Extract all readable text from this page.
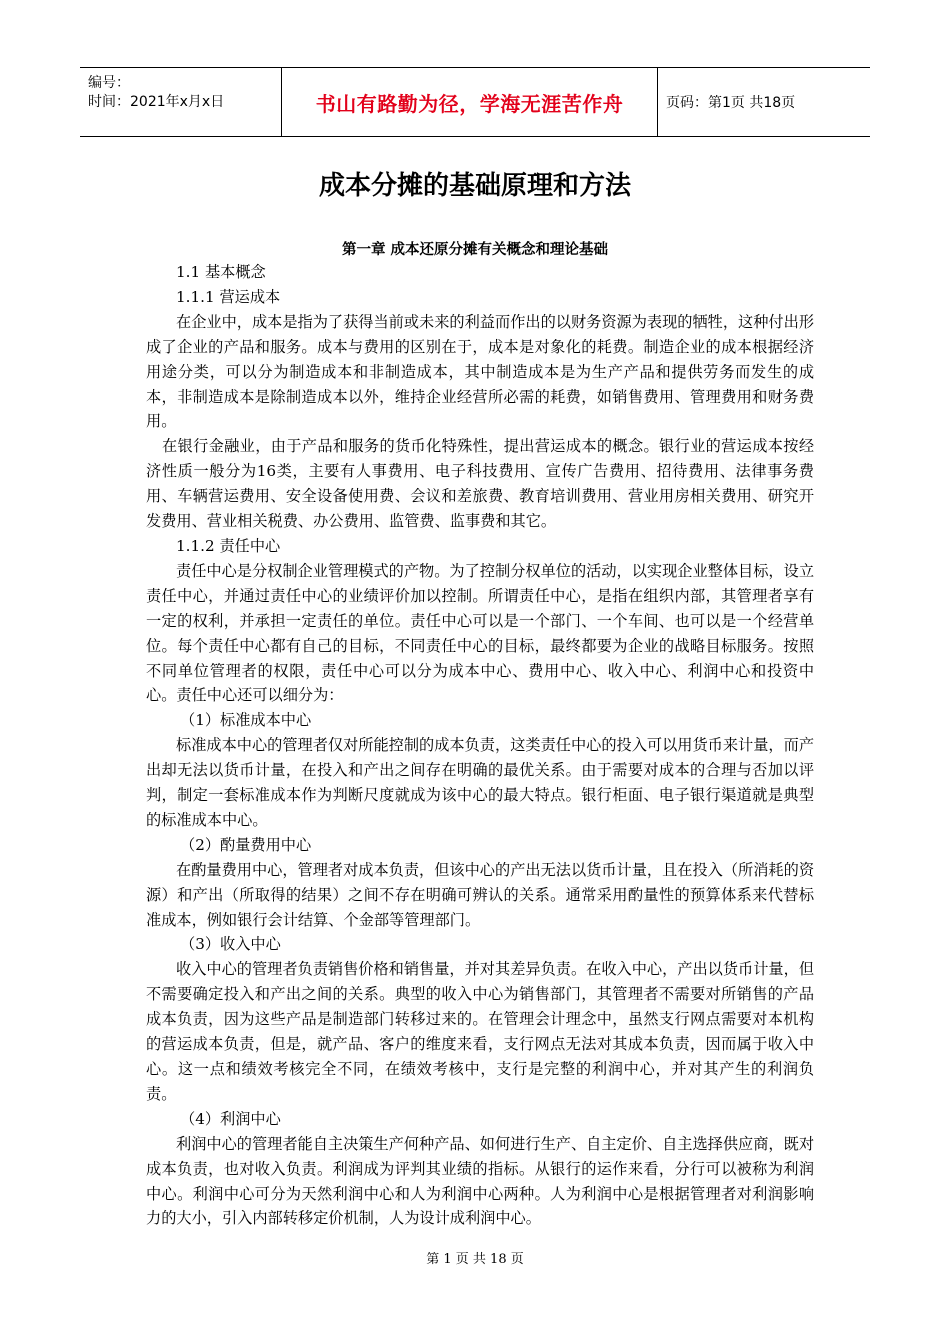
编号：
时间：2021年x月x日	书山有路勤为径，学海无涯苦作舟	页码：第1页 共18页
成本分摊的基础原理和方法
第一章 成本还原分摊有关概念和理论基础

1.1 基本概念

1.1.1 营运成本

在企业中，成本是指为了获得当前或未来的利益而作出的以财务资源为表现的牺牲，这种付出形成了企业的产品和服务。成本与费用的区别在于，成本是对象化的耗费。制造企业的成本根据经济用途分类，可以分为制造成本和非制造成本，其中制造成本是为生产产品和提供劳务而发生的成本，非制造成本是除制造成本以外，维持企业经营所必需的耗费，如销售费用、管理费用和财务费用。

在银行金融业，由于产品和服务的货币化特殊性，提出营运成本的概念。银行业的营运成本按经济性质一般分为16类，主要有人事费用、电子科技费用、宣传广告费用、招待费用、法律事务费用、车辆营运费用、安全设备使用费、会议和差旅费、教育培训费用、营业用房相关费用、研究开发费用、营业相关税费、办公费用、监管费、监事费和其它。

1.1.2 责任中心

责任中心是分权制企业管理模式的产物。为了控制分权单位的活动，以实现企业整体目标，设立责任中心，并通过责任中心的业绩评价加以控制。所谓责任中心，是指在组织内部，其管理者享有一定的权利，并承担一定责任的单位。责任中心可以是一个部门、一个车间、也可以是一个经营单位。每个责任中心都有自己的目标，不同责任中心的目标，最终都要为企业的战略目标服务。按照不同单位管理者的权限，责任中心可以分为成本中心、费用中心、收入中心、利润中心和投资中心。责任中心还可以细分为：

（1）标准成本中心

标准成本中心的管理者仅对所能控制的成本负责，这类责任中心的投入可以用货币来计量，而产出却无法以货币计量，在投入和产出之间存在明确的最优关系。由于需要对成本的合理与否加以评判，制定一套标准成本作为判断尺度就成为该中心的最大特点。银行柜面、电子银行渠道就是典型的标准成本中心。

（2）酌量费用中心

在酌量费用中心，管理者对成本负责，但该中心的产出无法以货币计量，且在投入（所消耗的资源）和产出（所取得的结果）之间不存在明确可辨认的关系。通常采用酌量性的预算体系来代替标准成本，例如银行会计结算、个金部等管理部门。

（3）收入中心

收入中心的管理者负责销售价格和销售量，并对其差异负责。在收入中心，产出以货币计量，但不需要确定投入和产出之间的关系。典型的收入中心为销售部门，其管理者不需要对所销售的产品成本负责，因为这些产品是制造部门转移过来的。在管理会计理念中，虽然支行网点需要对本机构的营运成本负责，但是，就产品、客户的维度来看，支行网点无法对其成本负责，因而属于收入中心。这一点和绩效考核完全不同，在绩效考核中，支行是完整的利润中心，并对其产生的利润负责。

（4）利润中心

利润中心的管理者能自主决策生产何种产品、如何进行生产、自主定价、自主选择供应商，既对成本负责，也对收入负责。利润成为评判其业绩的指标。从银行的运作来看，分行可以被称为利润中心。利润中心可分为天然利润中心和人为利润中心两种。人为利润中心是根据管理者对利润影响力的大小，引入内部转移定价机制，人为设计成利润中心。

第 1 页 共 18 页
